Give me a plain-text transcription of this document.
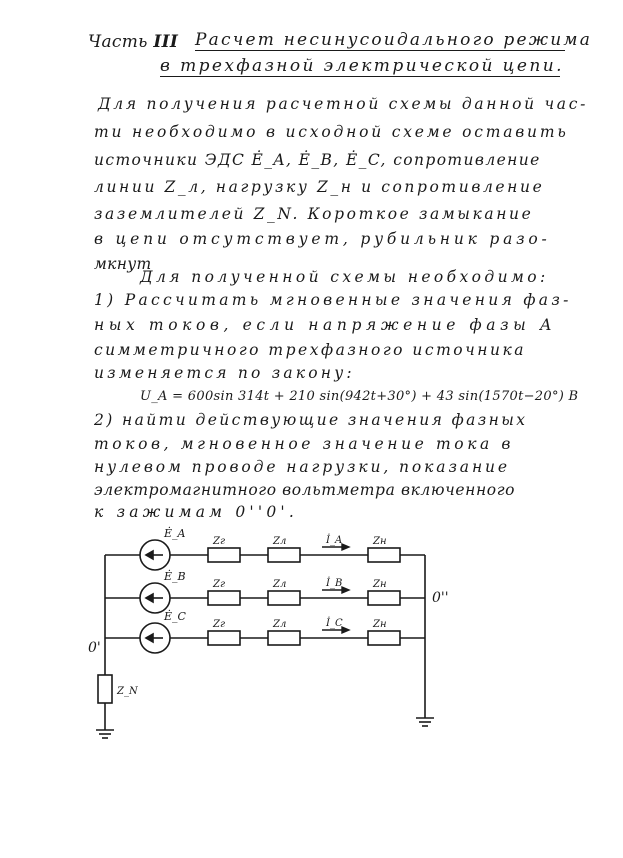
Часть III Расчет несинусоидального режима
в трехфазной электрической цепи.
Для получения расчетной схемы данной час-
ти необходимо в исходной схеме оставить
источники ЭДС Ė_A, Ė_B, Ė_C, сопротивление
линии Z_л, нагрузку Z_н и сопротивление
заземлителей Z_N. Короткое замыкание
в цепи отсутствует, рубильник разо-
мкнут
Для полученной схемы необходимо:
1) Рассчитать мгновенные значения фаз-
ных токов, если напряжение фазы А
симметричного трехфазного источника
изменяется по закону:
U_A = 600sin 314t + 210 sin(942t+30°) + 43 sin(1570t−20°) B
2) найти действующие значения фазных
токов, мгновенное значение тока в
нулевом проводе нагрузки, показание
электромагнитного вольтметра включенного
к зажимам 0''0'.
Ė_A
Ė_B
Ė_C
Zг	Zл	Zн
Zг	Zл	Zн
Zг	Zл	Zн
İ_A
İ_B
İ_C
0'
0''
Z_N
